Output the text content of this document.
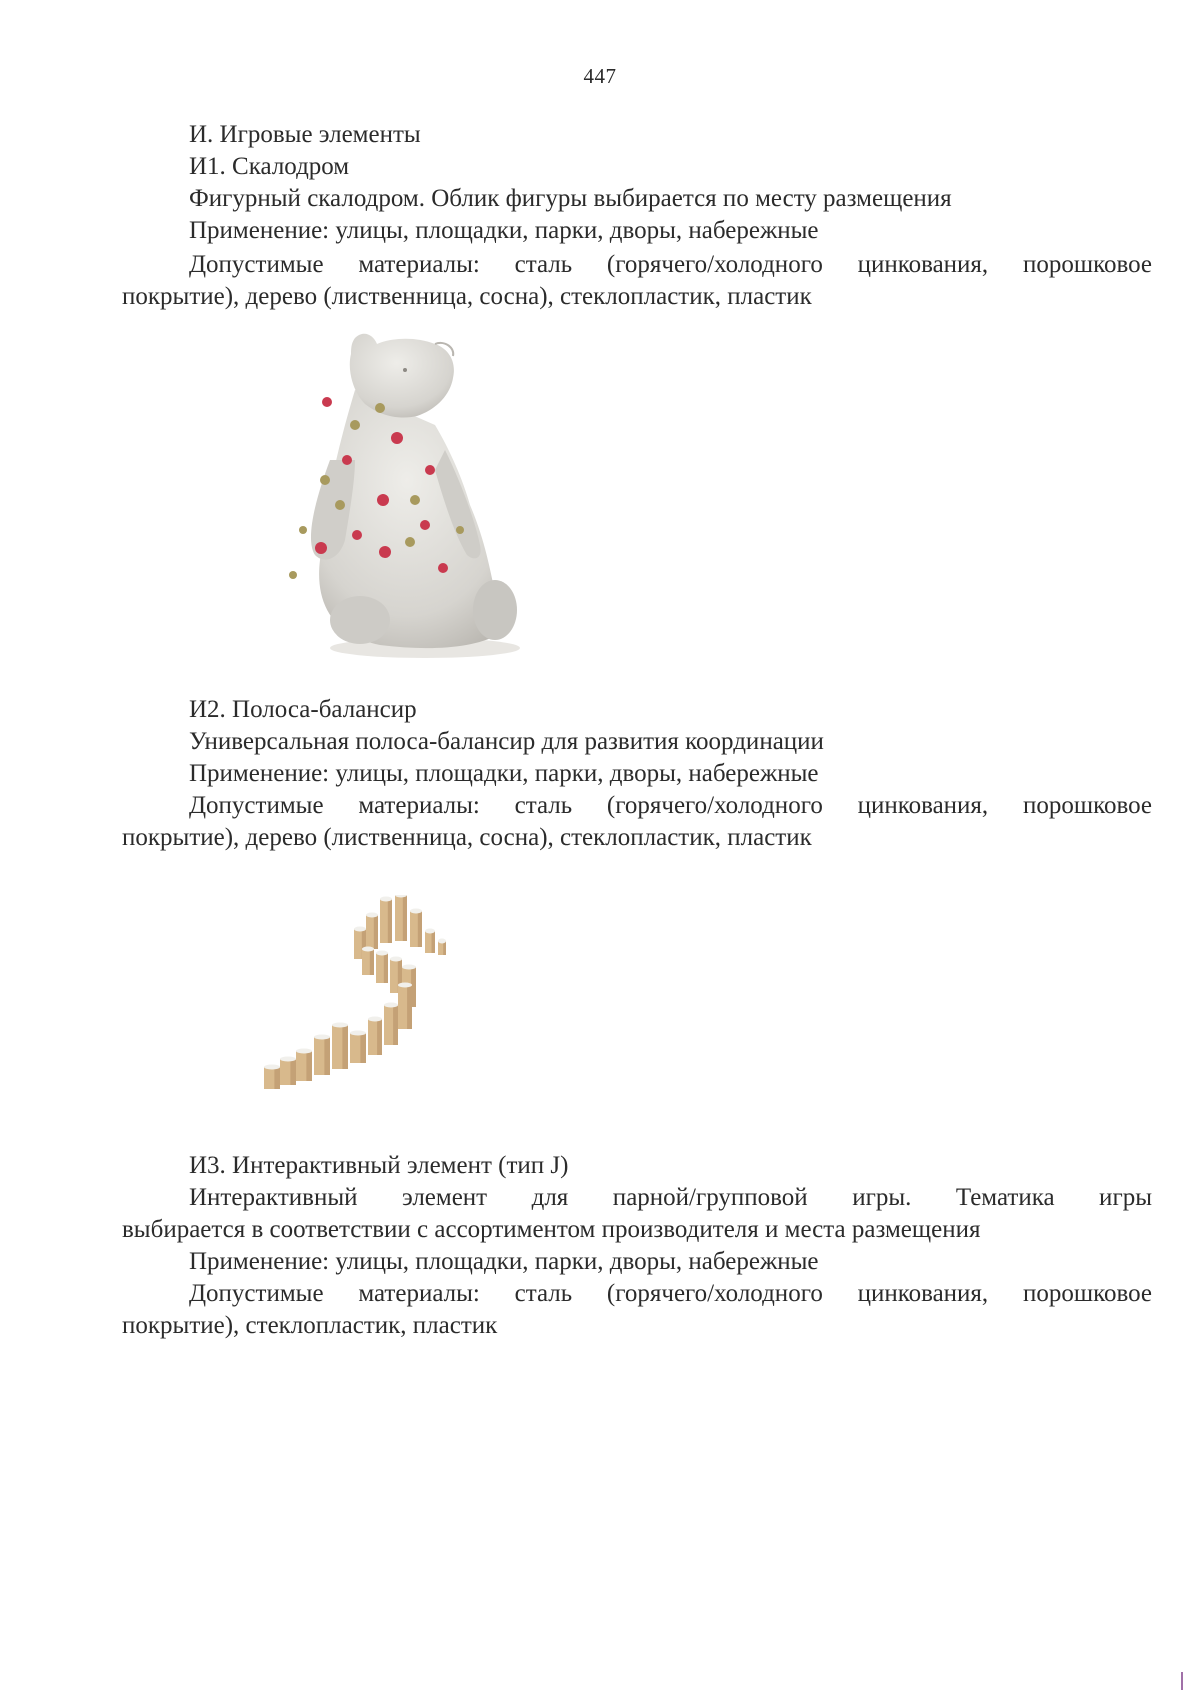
447
И. Игровые элементы
И1. Скалодром
Фигурный скалодром. Облик фигуры выбирается по месту размещения
Применение: улицы, площадки, парки, дворы, набережные
Допустимые материалы: сталь (горячего/холодного цинкования, порошковое
покрытие), дерево (лиственница, сосна), стеклопластик, пластик
И2. Полоса-балансир
Универсальная полоса-балансир для развития координации
Применение: улицы, площадки, парки, дворы, набережные
Допустимые материалы: сталь (горячего/холодного цинкования, порошковое
покрытие), дерево (лиственница, сосна), стеклопластик, пластик
И3. Интерактивный элемент (тип J)
Интерактивный элемент для парной/групповой игры. Тематика игры
выбирается в соответствии с ассортиментом производителя и места размещения
Применение: улицы, площадки, парки, дворы, набережные
Допустимые материалы: сталь (горячего/холодного цинкования, порошковое
покрытие), стеклопластик, пластик
